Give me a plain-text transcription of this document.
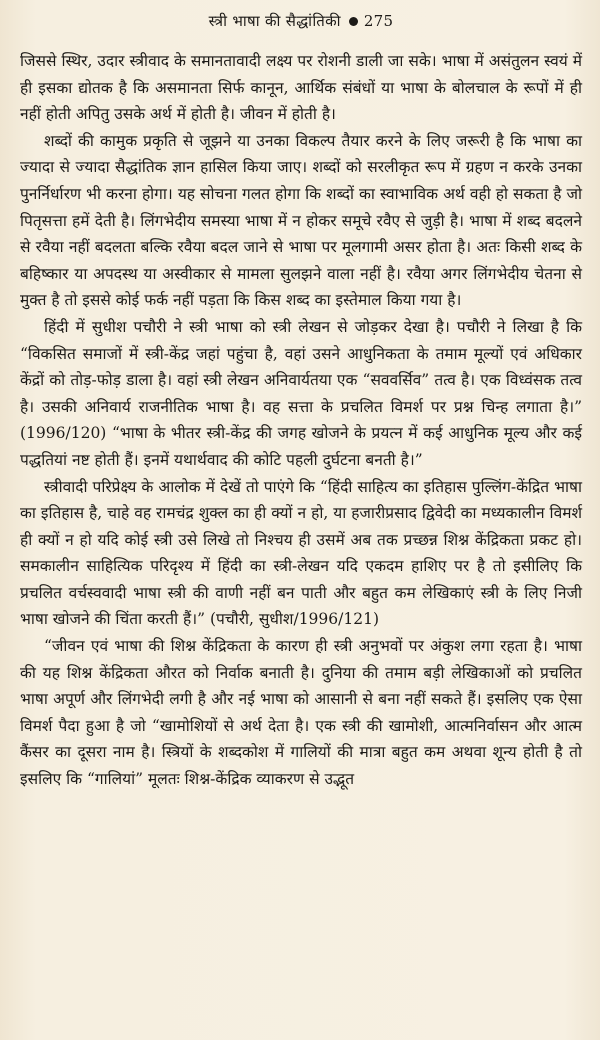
स्त्री भाषा की सैद्धांतिकी 275

जिससे स्थिर, उदार स्त्रीवाद के समानतावादी लक्ष्य पर रोशनी डाली जा सके। भाषा में असंतुलन स्वयं में ही इसका द्योतक है कि असमानता सिर्फ कानून, आर्थिक संबंधों या भाषा के बोलचाल के रूपों में ही नहीं होती अपितु उसके अर्थ में होती है। जीवन में होती है।

शब्दों की कामुक प्रकृति से जूझने या उनका विकल्प तैयार करने के लिए जरूरी है कि भाषा का ज्यादा से ज्यादा सैद्धांतिक ज्ञान हासिल किया जाए। शब्दों को सरलीकृत रूप में ग्रहण न करके उनका पुनर्निर्धारण भी करना होगा। यह सोचना गलत होगा कि शब्दों का स्वाभाविक अर्थ वही हो सकता है जो पितृसत्ता हमें देती है। लिंगभेदीय समस्या भाषा में न होकर समूचे रवैए से जुड़ी है। भाषा में शब्द बदलने से रवैया नहीं बदलता बल्कि रवैया बदल जाने से भाषा पर मूलगामी असर होता है। अतः किसी शब्द के बहिष्कार या अपदस्थ या अस्वीकार से मामला सुलझने वाला नहीं है। रवैया अगर लिंगभेदीय चेतना से मुक्त है तो इससे कोई फर्क नहीं पड़ता कि किस शब्द का इस्तेमाल किया गया है।

हिंदी में सुधीश पचौरी ने स्त्री भाषा को स्त्री लेखन से जोड़कर देखा है। पचौरी ने लिखा है कि “विकसित समाजों में स्त्री-केंद्र जहां पहुंचा है, वहां उसने आधुनिकता के तमाम मूल्यों एवं अधिकार केंद्रों को तोड़-फोड़ डाला है। वहां स्त्री लेखन अनिवार्यतया एक “सववर्सिव” तत्व है। एक विध्वंसक तत्व है। उसकी अनिवार्य राजनीतिक भाषा है। वह सत्ता के प्रचलित विमर्श पर प्रश्न चिन्ह लगाता है।” (1996/120) “भाषा के भीतर स्त्री-केंद्र की जगह खोजने के प्रयत्न में कई आधुनिक मूल्य और कई पद्धतियां नष्ट होती हैं। इनमें यथार्थवाद की कोटि पहली दुर्घटना बनती है।”

स्त्रीवादी परिप्रेक्ष्य के आलोक में देखें तो पाएंगे कि “हिंदी साहित्य का इतिहास पुल्लिंग-केंद्रित भाषा का इतिहास है, चाहे वह रामचंद्र शुक्ल का ही क्यों न हो, या हजारीप्रसाद द्विवेदी का मध्यकालीन विमर्श ही क्यों न हो यदि कोई स्त्री उसे लिखे तो निश्चय ही उसमें अब तक प्रच्छन्न शिश्न केंद्रिकता प्रकट हो। समकालीन साहित्यिक परिदृश्य में हिंदी का स्त्री-लेखन यदि एकदम हाशिए पर है तो इसीलिए कि प्रचलित वर्चस्ववादी भाषा स्त्री की वाणी नहीं बन पाती और बहुत कम लेखिकाएं स्त्री के लिए निजी भाषा खोजने की चिंता करती हैं।” (पचौरी, सुधीश/1996/121)

“जीवन एवं भाषा की शिश्न केंद्रिकता के कारण ही स्त्री अनुभवों पर अंकुश लगा रहता है। भाषा की यह शिश्न केंद्रिकता औरत को निर्वाक बनाती है। दुनिया की तमाम बड़ी लेखिकाओं को प्रचलित भाषा अपूर्ण और लिंगभेदी लगी है और नई भाषा को आसानी से बना नहीं सकते हैं। इसलिए एक ऐसा विमर्श पैदा हुआ है जो “खामोशियों से अर्थ देता है। एक स्त्री की खामोशी, आत्मनिर्वासन और आत्म कैंसर का दूसरा नाम है। स्त्रियों के शब्दकोश में गालियों की मात्रा बहुत कम अथवा शून्य होती है तो इसलिए कि “गालियां” मूलतः शिश्न-केंद्रिक व्याकरण से उद्भूत
